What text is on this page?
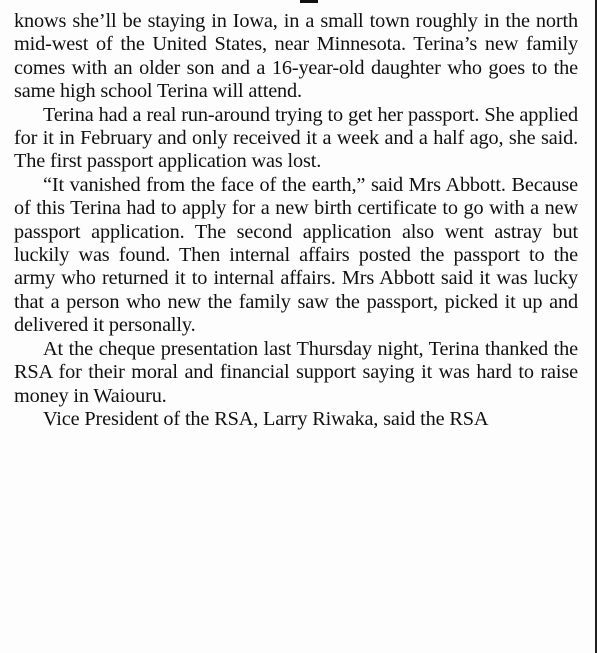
knows she’ll be staying in Iowa, in a small town roughly in the north mid-west of the United States, near Minnesota. Terina’s new family comes with an older son and a 16-year-old daughter who goes to the same high school Terina will attend.

Terina had a real run-around trying to get her passport. She applied for it in February and only received it a week and a half ago, she said. The first passport application was lost.

“It vanished from the face of the earth,” said Mrs Abbott. Because of this Terina had to apply for a new birth certificate to go with a new passport application. The second application also went astray but luckily was found. Then internal affairs posted the passport to the army who returned it to internal affairs. Mrs Abbott said it was lucky that a person who new the family saw the passport, picked it up and delivered it personally.

At the cheque presentation last Thursday night, Terina thanked the RSA for their moral and financial support saying it was hard to raise money in Waiouru.

Vice President of the RSA, Larry Riwaka, said the RSA
